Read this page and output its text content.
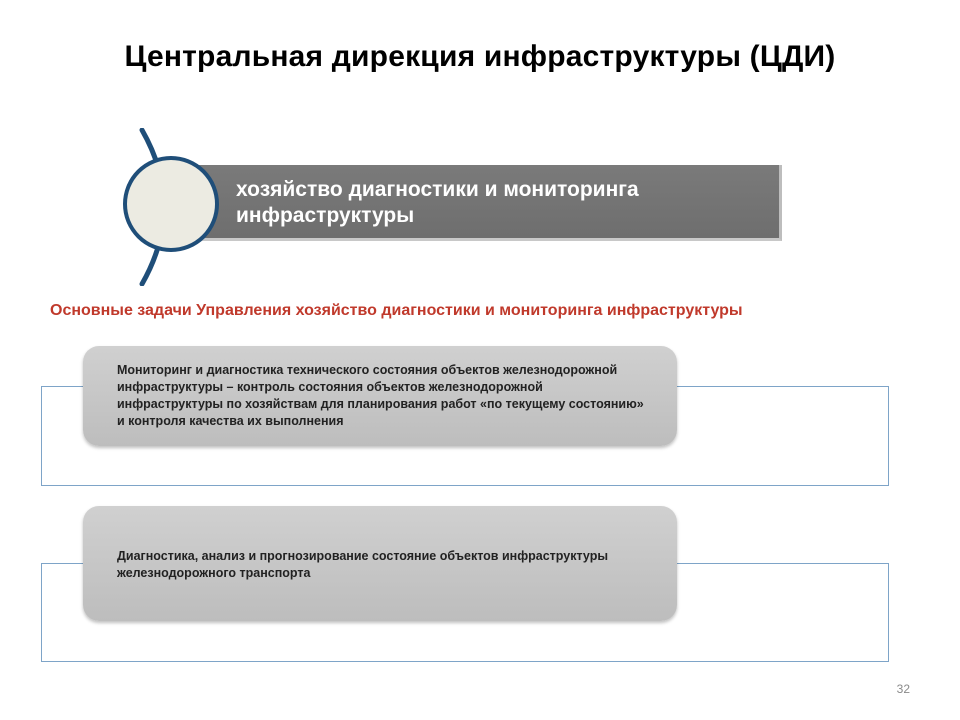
Центральная дирекция инфраструктуры (ЦДИ)
хозяйство диагностики и мониторинга инфраструктуры
Основные задачи Управления хозяйство диагностики и мониторинга инфраструктуры
Мониторинг и диагностика технического состояния объектов железнодорожной инфраструктуры – контроль состояния объектов железнодорожной инфраструктуры по хозяйствам для планирования работ «по текущему состоянию» и контроля качества их выполнения
Диагностика, анализ и прогнозирование состояние объектов инфраструктуры железнодорожного транспорта
32
